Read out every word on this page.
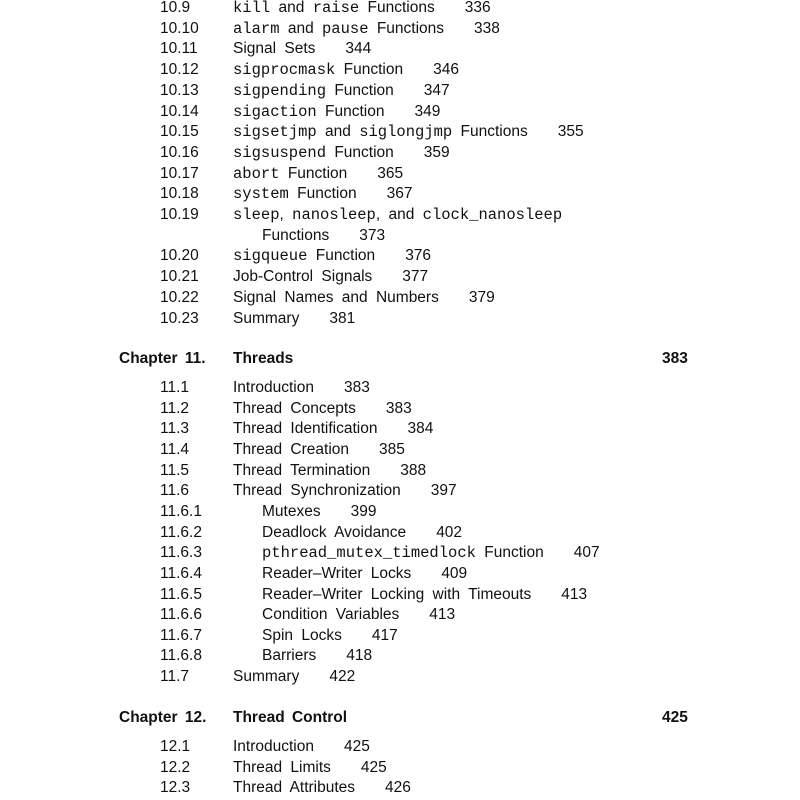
10.9	kill and raise Functions 336
10.10 alarm and pause Functions 338
10.11 Signal Sets 344
10.12 sigprocmask Function 346
10.13 sigpending Function 347
10.14 sigaction Function 349
10.15 sigsetjmp and siglongjmp Functions 355
10.16 sigsuspend Function 359
10.17 abort Function 365
10.18 system Function 367
10.19 sleep, nanosleep, and clock_nanosleep
Functions 373
10.20 sigqueue Function 376
10.21 Job-Control Signals 377
10.22 Signal Names and Numbers 379
10.23 Summary 381
Chapter 11. Threads	383
11.1	Introduction 383
11.2	Thread Concepts 383
11.3	Thread Identification 384
11.4	Thread Creation 385
11.5	Thread Termination 388
11.6	Thread Synchronization 397
11.6.1	Mutexes 399
11.6.2	Deadlock Avoidance 402
11.6.3	pthread_mutex_timedlock Function 407
11.6.4	Reader–Writer Locks 409
11.6.5	Reader–Writer Locking with Timeouts 413
11.6.6	Condition Variables 413
11.6.7	Spin Locks 417
11.6.8	Barriers 418
11.7	Summary 422
Chapter 12. Thread Control	425
12.1	Introduction 425
12.2	Thread Limits 425
12.3	Thread Attributes 426
